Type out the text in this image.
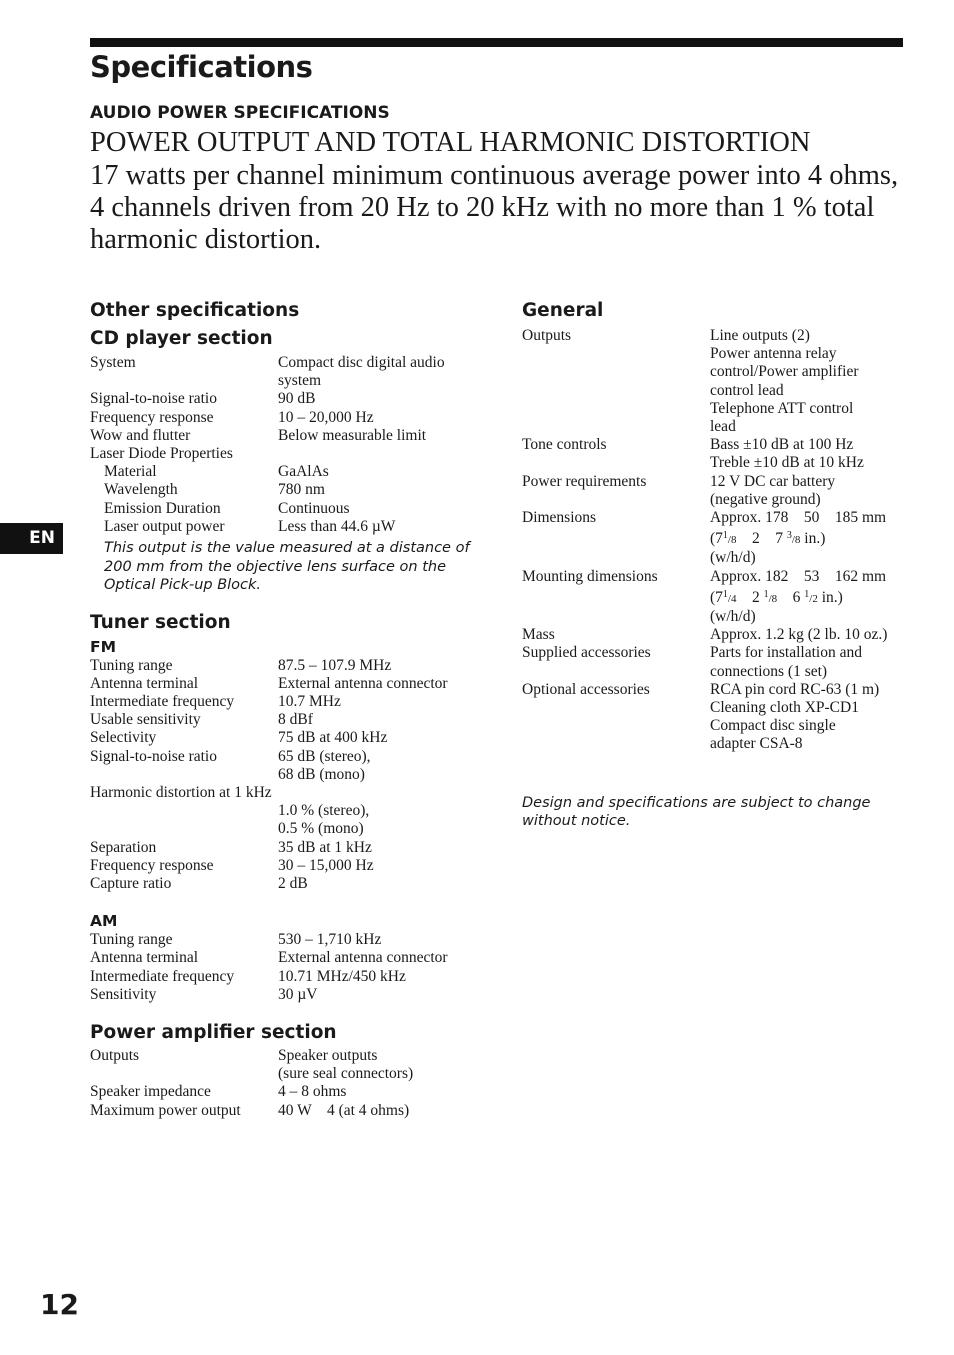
Specifications
AUDIO POWER SPECIFICATIONS
POWER OUTPUT AND TOTAL HARMONIC DISTORTION
17 watts per channel minimum continuous average power into 4 ohms, 4 channels driven from 20 Hz to 20 kHz with no more than 1 % total harmonic distortion.
EN
12
Other specifications
CD player section
System	Compact disc digital audio
system
Signal-to-noise ratio	90 dB
Frequency response	10 – 20,000 Hz
Wow and flutter	Below measurable limit
Laser Diode Properties
Material	GaAlAs
Wavelength	780 nm
Emission Duration	Continuous
Laser output power	Less than 44.6 µW
This output is the value measured at a distance of 200 mm from the objective lens surface on the Optical Pick-up Block.
Tuner section
FM
Tuning range	87.5 – 107.9 MHz
Antenna terminal	External antenna connector
Intermediate frequency	10.7 MHz
Usable sensitivity	8 dBf
Selectivity	75 dB at 400 kHz
Signal-to-noise ratio	65 dB (stereo),
68 dB (mono)
Harmonic distortion at 1 kHz
1.0 % (stereo),
0.5 % (mono)
Separation	35 dB at 1 kHz
Frequency response	30 – 15,000 Hz
Capture ratio	2 dB
AM
Tuning range	530 – 1,710 kHz
Antenna terminal	External antenna connector
Intermediate frequency	10.71 MHz/450 kHz
Sensitivity	30 µV
Power amplifier section
Outputs	Speaker outputs
(sure seal connectors)
Speaker impedance	4 – 8 ohms
Maximum power output	40 W    4 (at 4 ohms)
General
Outputs	Line outputs (2)
Power antenna relay
control/Power amplifier
control lead
Telephone ATT control
lead
Tone controls	Bass ±10 dB at 100 Hz
Treble ±10 dB at 10 kHz
Power requirements	12 V DC car battery
(negative ground)
Dimensions	Approx. 178    50    185 mm
($7^1/8$ 2 7 $^3$/8 in.)
(w/h/d)
Mounting dimensions	Approx. 182    53    162 mm
($7^1/4$ 2 $^1$/8 6 $^1$/2 in.)
(w/h/d)
Mass	Approx. 1.2 kg (2 lb. 10 oz.)
Supplied accessories	Parts for installation and
connections (1 set)
Optional accessories	RCA pin cord RC-63 (1 m)
Cleaning cloth XP-CD1
Compact disc single
adapter CSA-8
Design and specifications are subject to change without notice.
